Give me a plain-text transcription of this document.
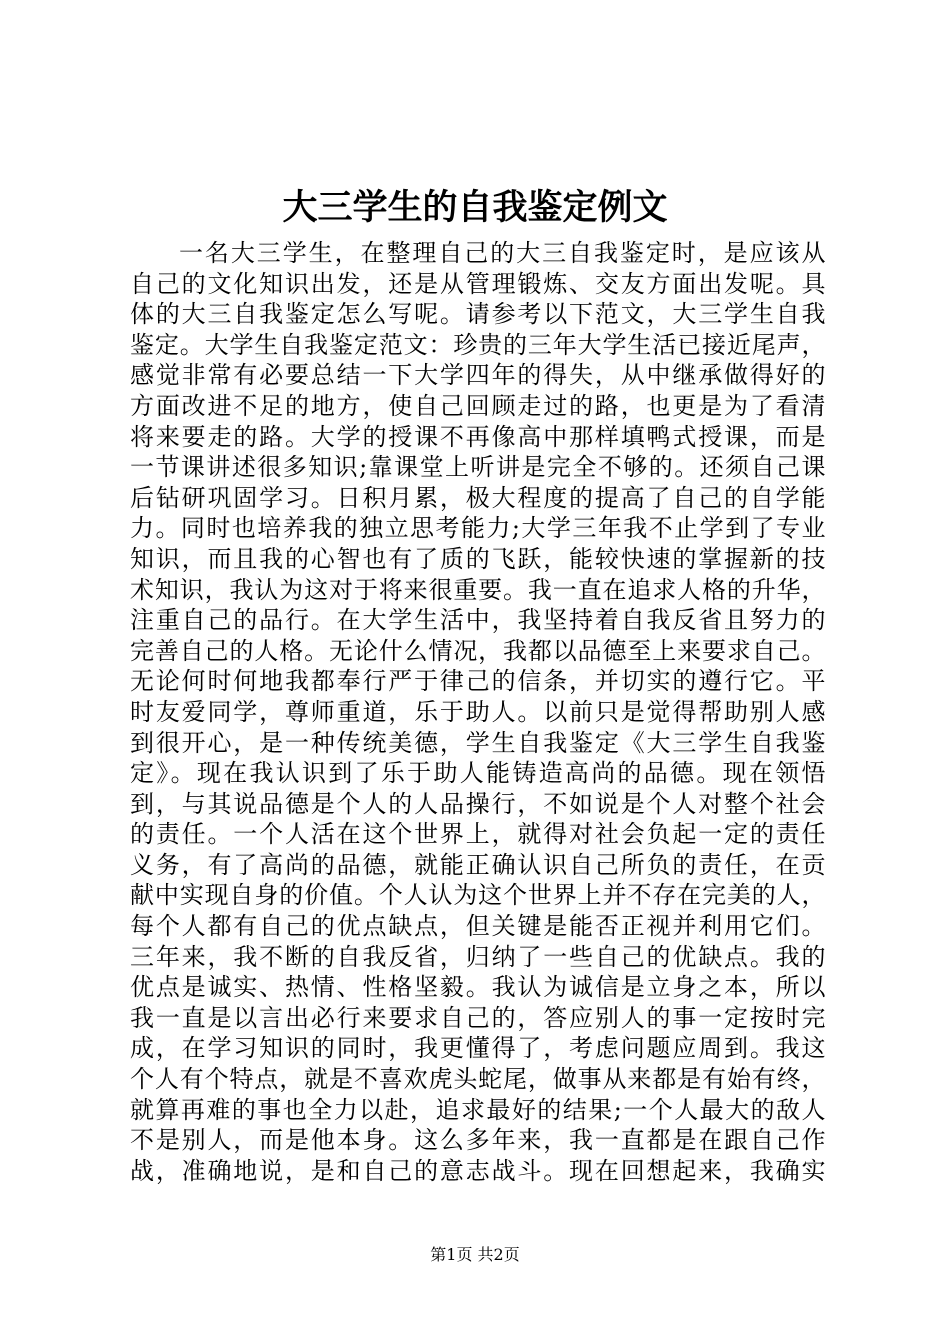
大三学生的自我鉴定例文
一名大三学生，在整理自己的大三自我鉴定时，是应该从
自己的文化知识出发，还是从管理锻炼、交友方面出发呢。具
体的大三自我鉴定怎么写呢。请参考以下范文，大三学生自我
鉴定。大学生自我鉴定范文：珍贵的三年大学生活已接近尾声，
感觉非常有必要总结一下大学四年的得失，从中继承做得好的
方面改进不足的地方，使自己回顾走过的路，也更是为了看清
将来要走的路。大学的授课不再像高中那样填鸭式授课，而是
一节课讲述很多知识;靠课堂上听讲是完全不够的。还须自己课
后钻研巩固学习。日积月累，极大程度的提高了自己的自学能
力。同时也培养我的独立思考能力;大学三年我不止学到了专业
知识，而且我的心智也有了质的飞跃，能较快速的掌握新的技
术知识，我认为这对于将来很重要。我一直在追求人格的升华，
注重自己的品行。在大学生活中，我坚持着自我反省且努力的
完善自己的人格。无论什么情况，我都以品德至上来要求自己。
无论何时何地我都奉行严于律己的信条，并切实的遵行它。平
时友爱同学，尊师重道，乐于助人。以前只是觉得帮助别人感
到很开心，是一种传统美德，学生自我鉴定《大三学生自我鉴
定》。现在我认识到了乐于助人能铸造高尚的品德。现在领悟
到，与其说品德是个人的人品操行，不如说是个人对整个社会
的责任。一个人活在这个世界上，就得对社会负起一定的责任
义务，有了高尚的品德，就能正确认识自己所负的责任，在贡
献中实现自身的价值。个人认为这个世界上并不存在完美的人，
每个人都有自己的优点缺点，但关键是能否正视并利用它们。
三年来，我不断的自我反省，归纳了一些自己的优缺点。我的
优点是诚实、热情、性格坚毅。我认为诚信是立身之本，所以
我一直是以言出必行来要求自己的，答应别人的事一定按时完
成，在学习知识的同时，我更懂得了，考虑问题应周到。我这
个人有个特点，就是不喜欢虎头蛇尾，做事从来都是有始有终，
就算再难的事也全力以赴，追求最好的结果;一个人最大的敌人
不是别人，而是他本身。这么多年来，我一直都是在跟自己作
战，准确地说，是和自己的意志战斗。现在回想起来，我确实
第1页 共2页
